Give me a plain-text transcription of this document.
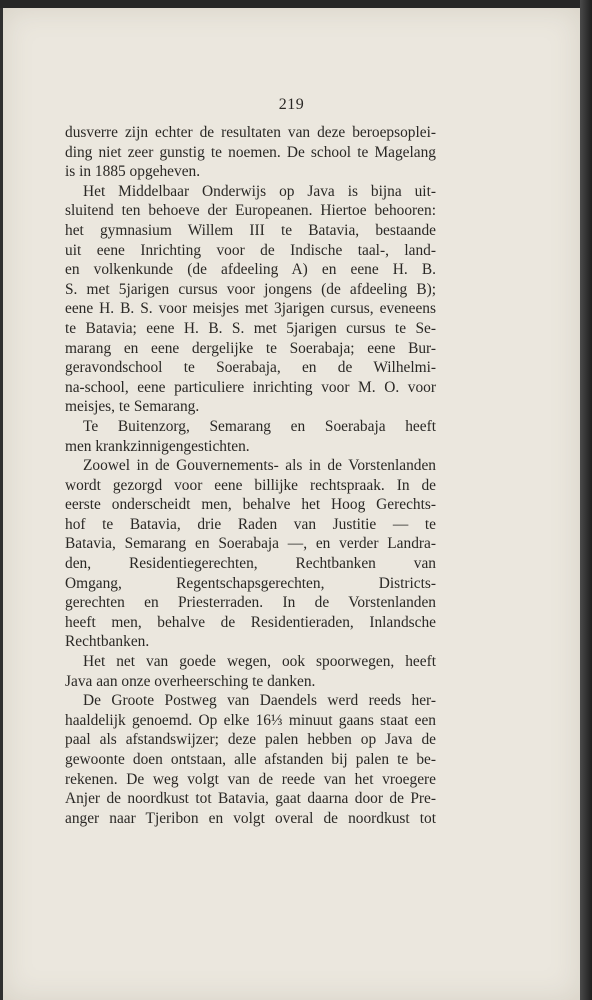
219
dusverre zijn echter de resultaten van deze beroepsoplei-
ding niet zeer gunstig te noemen. De school te Magelang
is in 1885 opgeheven.
Het Middelbaar Onderwijs op Java is bijna uit-
sluitend ten behoeve der Europeanen. Hiertoe behooren:
het gymnasium Willem III te Batavia, bestaande
uit eene Inrichting voor de Indische taal-, land-
en volkenkunde (de afdeeling A) en eene H. B.
S. met 5jarigen cursus voor jongens (de afdeeling B);
eene H. B. S. voor meisjes met 3jarigen cursus, eveneens
te Batavia; eene H. B. S. met 5jarigen cursus te Se-
marang en eene dergelijke te Soerabaja; eene Bur-
geravondschool te Soerabaja, en de Wilhelmi-
na-school, eene particuliere inrichting voor M. O. voor
meisjes, te Semarang.
Te Buitenzorg, Semarang en Soerabaja heeft
men krankzinnigengestichten.
Zoowel in de Gouvernements- als in de Vorstenlanden
wordt gezorgd voor eene billijke rechtspraak. In de
eerste onderscheidt men, behalve het Hoog Gerechts-
hof te Batavia, drie Raden van Justitie — te
Batavia, Semarang en Soerabaja —, en verder Landra-
den, Residentiegerechten, Rechtbanken van
Omgang, Regentschapsgerechten, Districts-
gerechten en Priesterraden. In de Vorstenlanden
heeft men, behalve de Residentieraden, Inlandsche
Rechtbanken.
Het net van goede wegen, ook spoorwegen, heeft
Java aan onze overheersching te danken.
De Groote Postweg van Daendels werd reeds her-
haaldelijk genoemd. Op elke 16⅓ minuut gaans staat een
paal als afstandswijzer; deze palen hebben op Java de
gewoonte doen ontstaan, alle afstanden bij palen te be-
rekenen. De weg volgt van de reede van het vroegere
Anjer de noordkust tot Batavia, gaat daarna door de Pre-
anger naar Tjeribon en volgt overal de noordkust tot
